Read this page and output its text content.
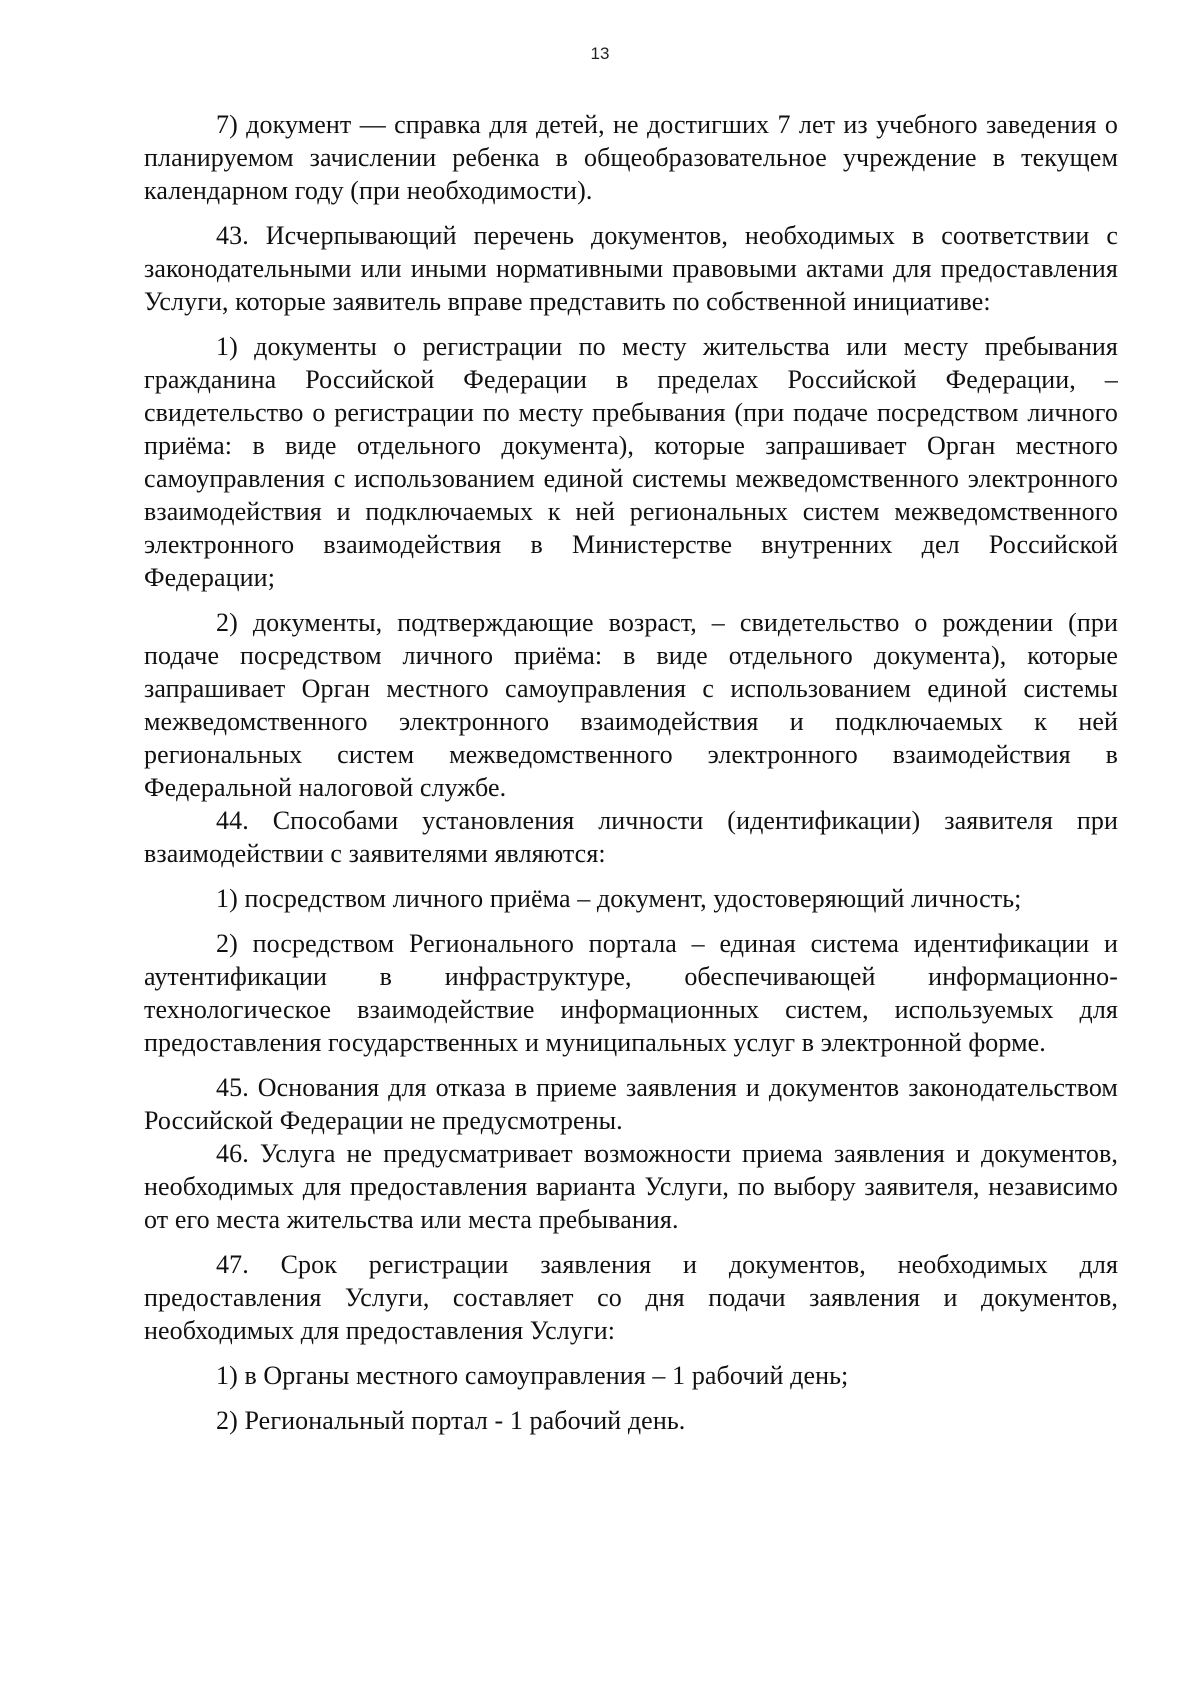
13

7) документ — справка для детей, не достигших 7 лет из учебного заведения о планируемом зачислении ребенка в общеобразовательное учреждение в текущем календарном году (при необходимости).

43. Исчерпывающий перечень документов, необходимых в соответствии с законодательными или иными нормативными правовыми актами для предоставления Услуги, которые заявитель вправе представить по собственной инициативе:

1) документы о регистрации по месту жительства или месту пребывания гражданина Российской Федерации в пределах Российской Федерации, – свидетельство о регистрации по месту пребывания (при подаче посредством личного приёма: в виде отдельного документа), которые запрашивает Орган местного самоуправления с использованием единой системы межведомственного электронного взаимодействия и подключаемых к ней региональных систем межведомственного электронного взаимодействия в Министерстве внутренних дел Российской Федерации;

2) документы, подтверждающие возраст, – свидетельство о рождении (при подаче посредством личного приёма: в виде отдельного документа), которые запрашивает Орган местного самоуправления с использованием единой системы межведомственного электронного взаимодействия и подключаемых к ней региональных систем межведомственного электронного взаимодействия в Федеральной налоговой службе.

44. Способами установления личности (идентификации) заявителя при взаимодействии с заявителями являются:

1) посредством личного приёма – документ, удостоверяющий личность;

2) посредством Регионального портала – единая система идентификации и аутентификации в инфраструктуре, обеспечивающей информационно-технологическое взаимодействие информационных систем, используемых для предоставления государственных и муниципальных услуг в электронной форме.

45. Основания для отказа в приеме заявления и документов законодательством Российской Федерации не предусмотрены.

46. Услуга не предусматривает возможности приема заявления и документов, необходимых для предоставления варианта Услуги, по выбору заявителя, независимо от его места жительства или места пребывания.

47. Срок регистрации заявления и документов, необходимых для предоставления Услуги, составляет со дня подачи заявления и документов, необходимых для предоставления Услуги:

1) в Органы местного самоуправления – 1 рабочий день;

2) Региональный портал - 1 рабочий день.
